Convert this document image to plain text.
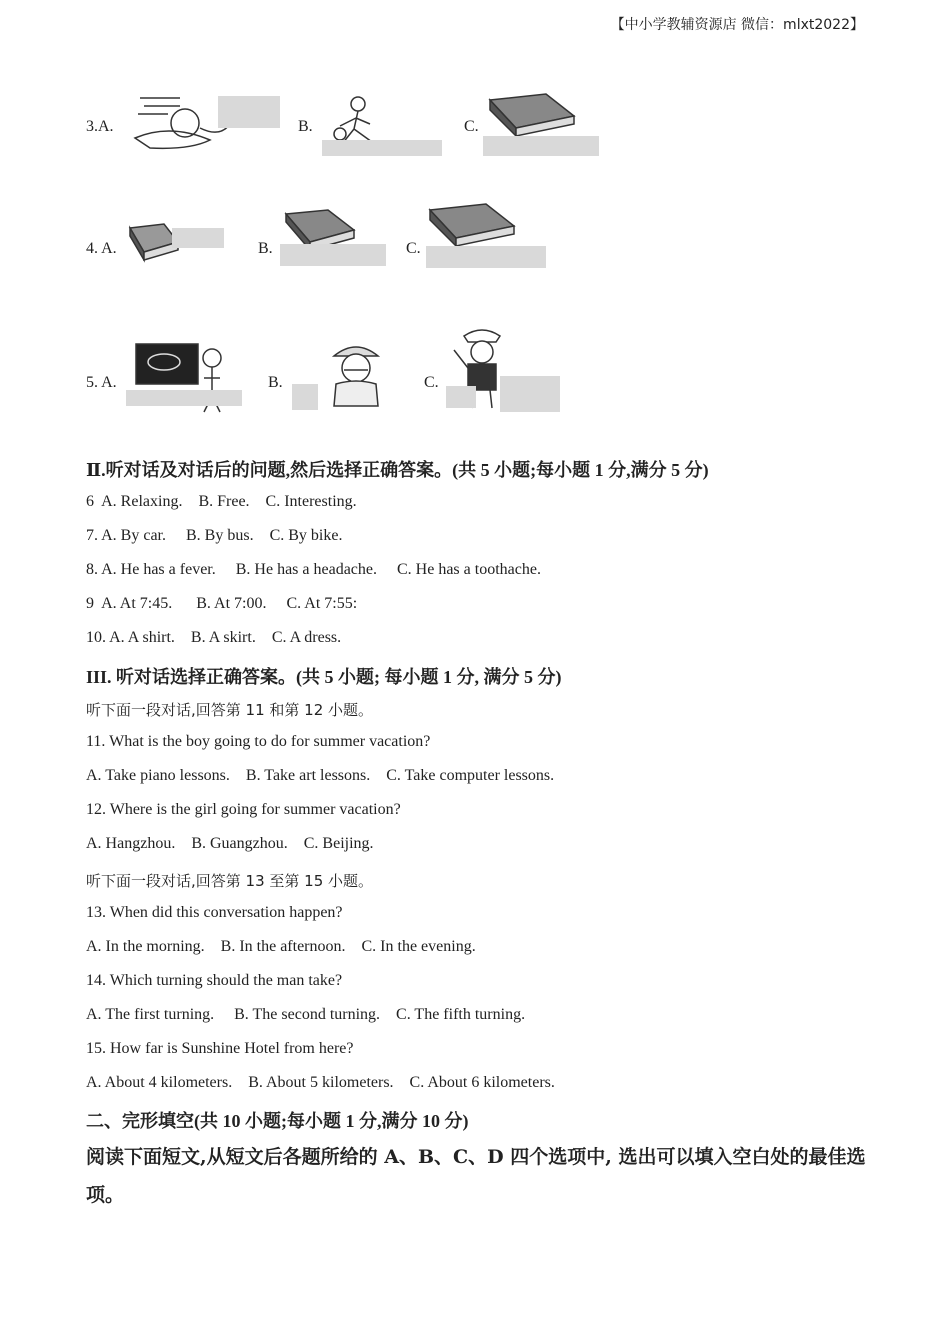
【中小学教辅资源店 微信：mlxt2022】
3.A.	B.	C.
4. A.	B.	C.
5. A.	B.	C.
Ⅱ.听对话及对话后的问题,然后选择正确答案。(共 5 小题;每小题 1 分,满分 5 分)
6  A. Relaxing.    B. Free.    C. Interesting.
7. A. By car.     B. By bus.    C. By bike.
8. A. He has a fever.     B. He has a headache.     C. He has a toothache.
9  A. At 7:45.      B. At 7:00.     C. At 7:55:
10. A. A shirt.    B. A skirt.    C. A dress.
III. 听对话选择正确答案。(共 5 小题; 每小题 1 分, 满分 5 分)
听下面一段对话,回答第 11 和第 12 小题。
11. What is the boy going to do for summer vacation?
A. Take piano lessons.    B. Take art lessons.    C. Take computer lessons.
12. Where is the girl going for summer vacation?
A. Hangzhou.    B. Guangzhou.    C. Beijing.
听下面一段对话,回答第 13 至第 15 小题。
13. When did this conversation happen?
A. In the morning.    B. In the afternoon.    C. In the evening.
14. Which turning should the man take?
A. The first turning.     B. The second turning.    C. The fifth turning.
15. How far is Sunshine Hotel from here?
A. About 4 kilometers.    B. About 5 kilometers.    C. About 6 kilometers.
二、完形填空(共 10 小题;每小题 1 分,满分 10 分)
阅读下面短文,从短文后各题所给的 A、B、C、D 四个选项中, 选出可以填入空白处的最佳选
项。
